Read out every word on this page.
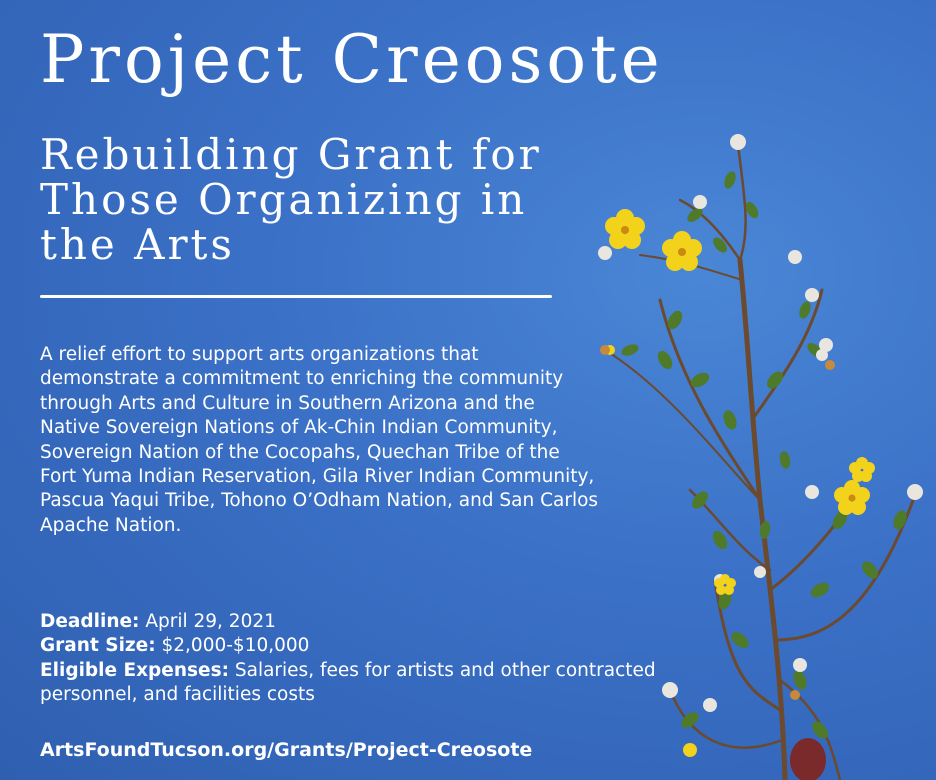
Project Creosote
Rebuilding Grant for Those Organizing in the Arts

A relief effort to support arts organizations that demonstrate a commitment to enriching the community through Arts and Culture in Southern Arizona and the Native Sovereign Nations of Ak-Chin Indian Community, Sovereign Nation of the Cocopahs, Quechan Tribe of the Fort Yuma Indian Reservation, Gila River Indian Community, Pascua Yaqui Tribe, Tohono O’Odham Nation, and San Carlos Apache Nation.

Deadline: April 29, 2021

Grant Size: $2,000-$10,000

Eligible Expenses: Salaries, fees for artists and other contracted personnel, and facilities costs

ArtsFoundTucson.org/Grants/Project-Creosote
